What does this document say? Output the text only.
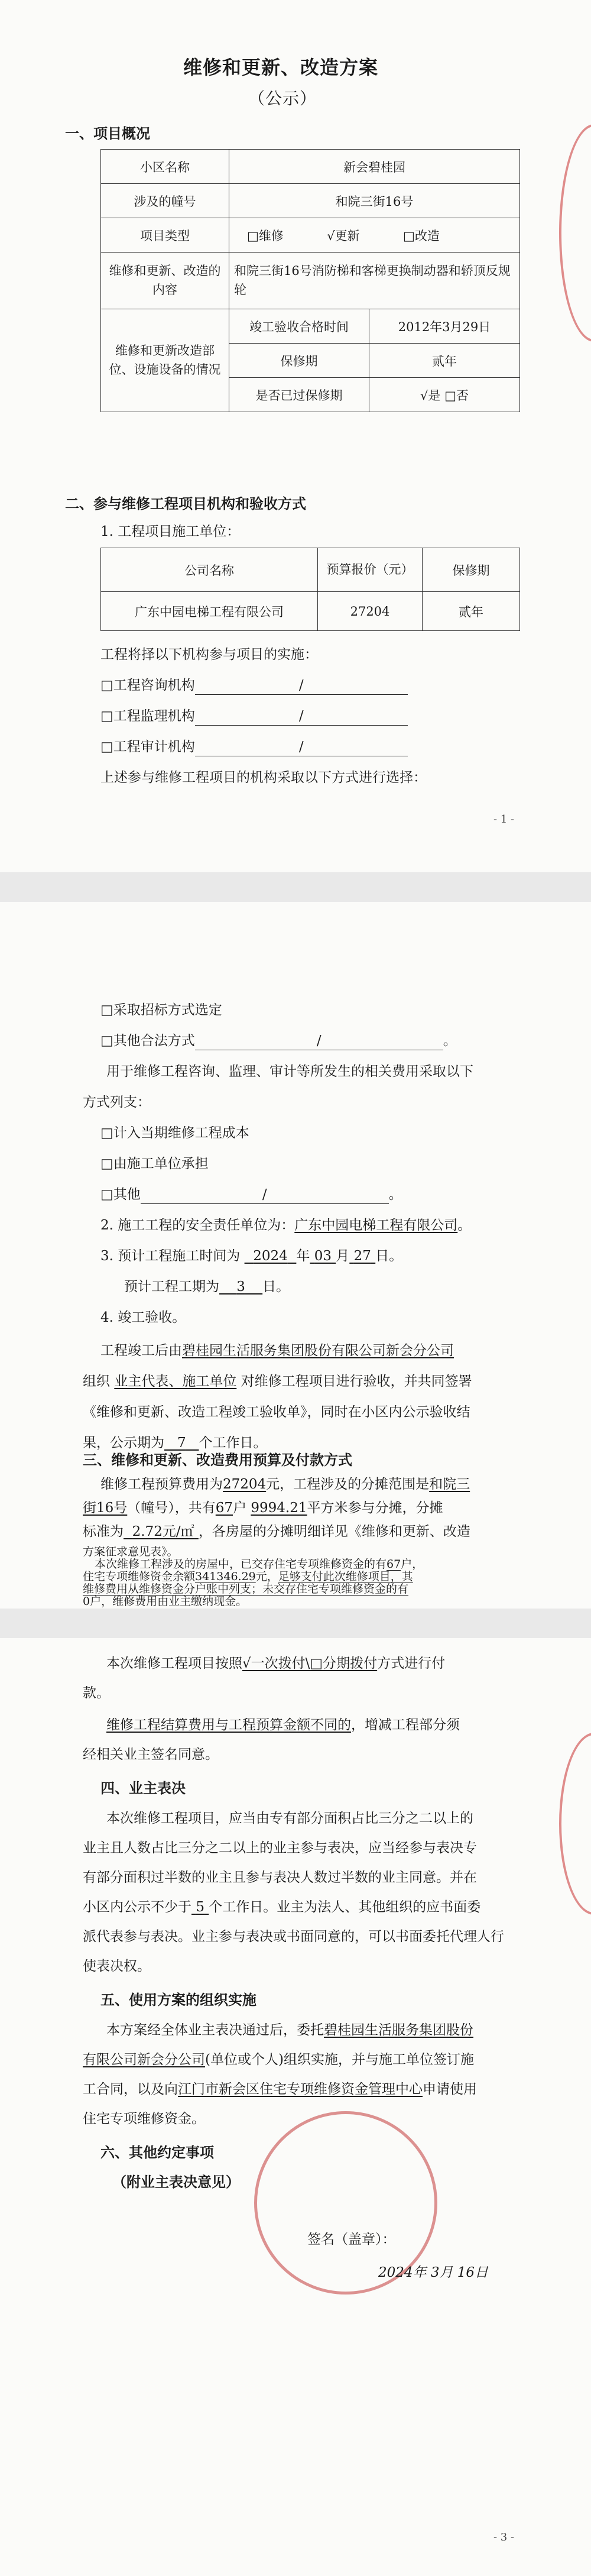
维修和更新、改造方案
（公示）
一、项目概况
小区名称	新会碧桂园	
涉及的幢号	和院三街16号	
项目类型	□维修 √更新 □改造	
维修和更新、改造的内容	和院三街16号消防梯和客梯更换制动器和轿顶反规轮	
维修和更新改造部位、设施设备的情况	竣工验收合格时间	2012年3月29日
	保修期	贰年
	是否已过保修期	√是 □否
二、参与维修工程项目机构和验收方式
1. 工程项目施工单位：
公司名称	预算报价（元）	保修期
广东中园电梯工程有限公司	27204	贰年
工程将择以下机构参与项目的实施：
□工程咨询机构	/
□工程监理机构	/
□工程审计机构	/
上述参与维修工程项目的机构采取以下方式进行选择：
- 1 -
□采取招标方式选定
□其他合法方式	/	。
用于维修工程咨询、监理、审计等所发生的相关费用采取以下
方式列支：
□计入当期维修工程成本
□由施工单位承担
□其他	/	。
2. 施工工程的安全责任单位为：广东中园电梯工程有限公司。
3. 预计工程施工时间为 2024 年 03 月 27 日。
预计工程工期为 3 日。
4. 竣工验收。
工程竣工后由碧桂园生活服务集团股份有限公司新会分公司
组织 业主代表、施工单位 对维修工程项目进行验收，并共同签署
《维修和更新、改造工程竣工验收单》，同时在小区内公示验收结
果，公示期为 7 个工作日。
三、维修和更新、改造费用预算及付款方式
维修工程预算费用为27204元，工程涉及的分摊范围是和院三
街16号（幢号），共有67户 9994.21平方米参与分摊，分摊
标准为 2.72元/㎡ ，各房屋的分摊明细详见《维修和更新、改造
方案征求意见表》。
本次维修工程涉及的房屋中，已交存住宅专项维修资金的有67户，
住宅专项维修资金余额341346.29元，足够支付此次维修项目，其
维修费用从维修资金分户账中列支；未交存住宅专项维修资金的有
0户，维修费用由业主缴纳现金。
本次维修工程项目按照√一次拨付\□分期拨付方式进行付
款。
维修工程结算费用与工程预算金额不同的，增减工程部分须
经相关业主签名同意。
四、业主表决
本次维修工程项目，应当由专有部分面积占比三分之二以上的
业主且人数占比三分之二以上的业主参与表决，应当经参与表决专
有部分面积过半数的业主且参与表决人数过半数的业主同意。并在
小区内公示不少于 5 个工作日。业主为法人、其他组织的应书面委
派代表参与表决。业主参与表决或书面同意的，可以书面委托代理人行
使表决权。
五、使用方案的组织实施
本方案经全体业主表决通过后，委托碧桂园生活服务集团股份
有限公司新会分公司(单位或个人)组织实施，并与施工单位签订施
工合同，以及向江门市新会区住宅专项维修资金管理中心申请使用
住宅专项维修资金。
六、其他约定事项
（附业主表决意见）
签名（盖章）：
2024年 3月 16日
- 3 -
